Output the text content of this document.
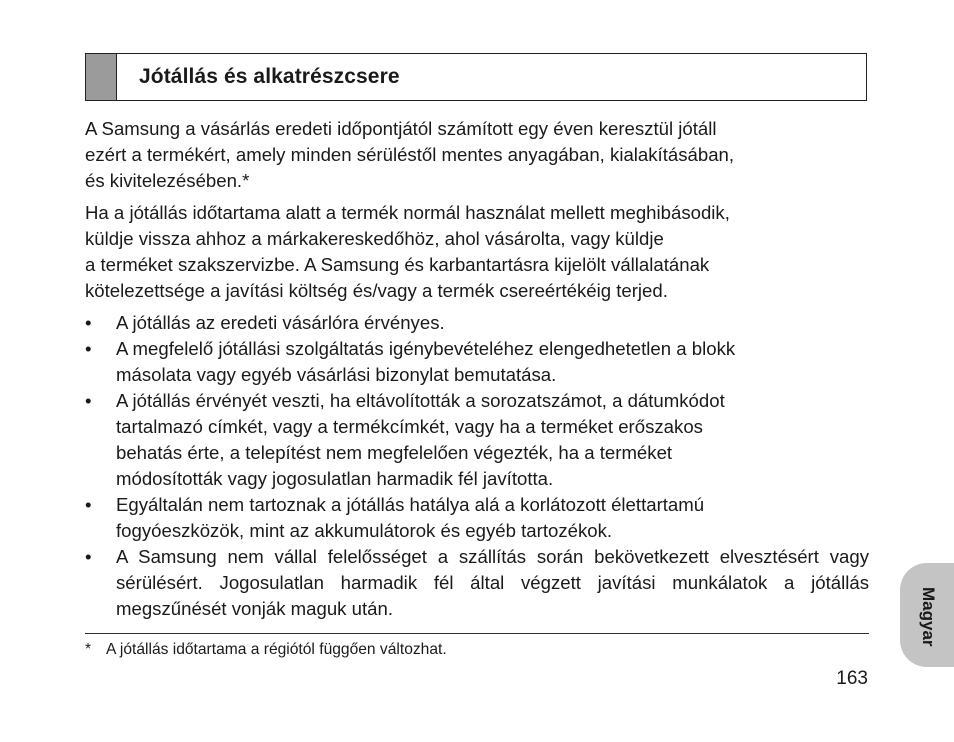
Jótállás és alkatrészcsere

A Samsung a vásárlás eredeti időpontjától számított egy éven keresztül jótáll
ezért a termékért, amely minden sérüléstől mentes anyagában, kialakításában,
és kivitelezésében.*

Ha a jótállás időtartama alatt a termék normál használat mellett meghibásodik,
küldje vissza ahhoz a márkakereskedőhöz, ahol vásárolta, vagy küldje
a terméket szakszervizbe. A Samsung és karbantartásra kijelölt vállalatának
kötelezettsége a javítási költség és/vagy a termék csereértékéig terjed.

• A jótállás az eredeti vásárlóra érvényes.
• A megfelelő jótállási szolgáltatás igénybevételéhez elengedhetetlen a blokk
másolata vagy egyéb vásárlási bizonylat bemutatása.
• A jótállás érvényét veszti, ha eltávolították a sorozatszámot, a dátumkódot
tartalmazó címkét, vagy a termékcímkét, vagy ha a terméket erőszakos
behatás érte, a telepítést nem megfelelően végezték, ha a terméket
módosították vagy jogosulatlan harmadik fél javította.
• Egyáltalán nem tartoznak a jótállás hatálya alá a korlátozott élettartamú
fogyóeszközök, mint az akkumulátorok és egyéb tartozékok.
• A Samsung nem vállal felelősséget a szállítás során bekövetkezett elvesztésért vagy sérülésért. Jogosulatlan harmadik fél által végzett javítási munkálatok a jótállás megszűnését vonják maguk után.
* A jótállás időtartama a régiótól függően változhat.
163
Magyar
